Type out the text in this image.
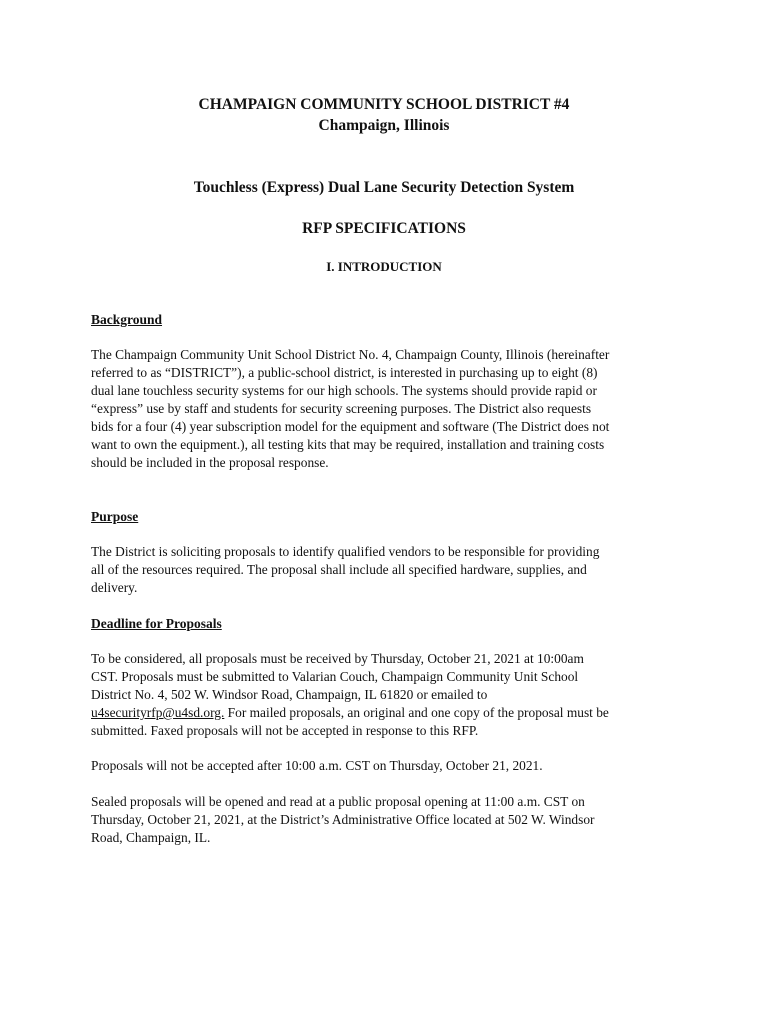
CHAMPAIGN COMMUNITY SCHOOL DISTRICT #4
Champaign, Illinois
Touchless (Express) Dual Lane Security Detection System
RFP SPECIFICATIONS
I. INTRODUCTION
Background
The Champaign Community Unit School District No. 4, Champaign County, Illinois (hereinafter
referred to as “DISTRICT”), a public-school district, is interested in purchasing up to eight (8)
dual lane touchless security systems for our high schools. The systems should provide rapid or
“express” use by staff and students for security screening purposes. The District also requests
bids for a four (4) year subscription model for the equipment and software (The District does not
want to own the equipment.), all testing kits that may be required, installation and training costs
should be included in the proposal response.
Purpose
The District is soliciting proposals to identify qualified vendors to be responsible for providing
all of the resources required. The proposal shall include all specified hardware, supplies, and
delivery.
Deadline for Proposals
To be considered, all proposals must be received by Thursday, October 21, 2021 at 10:00am
CST. Proposals must be submitted to Valarian Couch, Champaign Community Unit School
District No. 4, 502 W. Windsor Road, Champaign, IL 61820 or emailed to
u4securityrfp@u4sd.org. For mailed proposals, an original and one copy of the proposal must be
submitted. Faxed proposals will not be accepted in response to this RFP.
Proposals will not be accepted after 10:00 a.m. CST on Thursday, October 21, 2021.
Sealed proposals will be opened and read at a public proposal opening at 11:00 a.m. CST on
Thursday, October 21, 2021, at the District’s Administrative Office located at 502 W. Windsor
Road, Champaign, IL.
